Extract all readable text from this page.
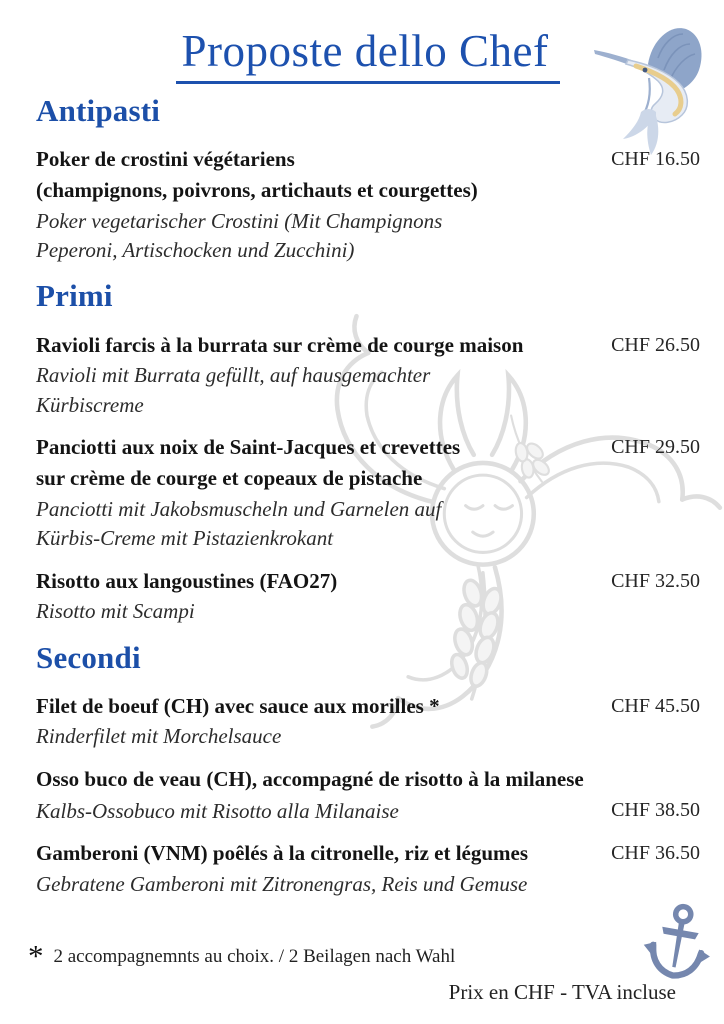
Proposte dello Chef
Antipasti
Poker de crostini végétariens
(champignons, poivrons, artichauts et courgettes)
CHF 16.50
Poker vegetarischer Crostini (Mit Champignons
Peperoni, Artischocken und Zucchini)
Primi
Ravioli farcis à la burrata sur crème de courge maison	CHF 26.50
Ravioli mit Burrata gefüllt, auf hausgemachter
Kürbiscreme
Panciotti aux noix de Saint-Jacques et crevettes
sur crème de courge et copeaux de pistache
CHF 29.50
Panciotti mit Jakobsmuscheln und Garnelen auf
Kürbis-Creme mit Pistazienkrokant
Risotto aux langoustines (FAO27)	CHF 32.50
Risotto mit Scampi
Secondi
Filet de boeuf (CH) avec sauce aux morilles *	CHF 45.50
Rinderfilet mit Morchelsauce
Osso buco de veau (CH), accompagné de risotto à la milanese
Kalbs-Ossobuco mit Risotto alla Milanaise	CHF 38.50
Gamberoni (VNM) poêlés à la citronelle, riz et légumes	CHF 36.50
Gebratene Gamberoni mit Zitronengras, Reis und Gemuse
* 2 accompagnemnts au choix. / 2 Beilagen nach Wahl
Prix en CHF - TVA incluse
